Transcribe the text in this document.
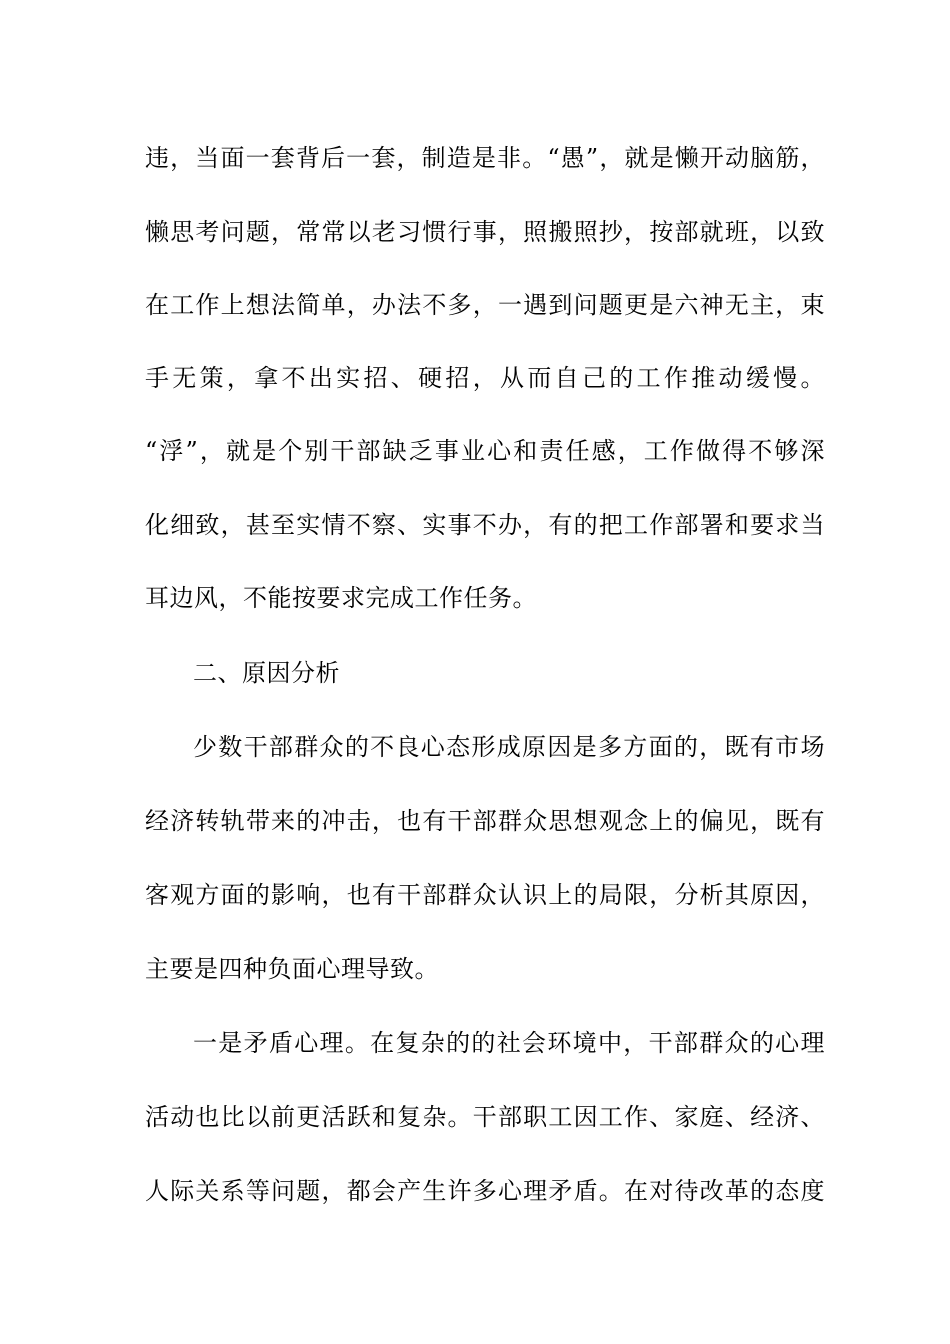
违，当面一套背后一套，制造是非。“愚”，就是懒开动脑筋，
懒思考问题，常常以老习惯行事，照搬照抄，按部就班，以致
在工作上想法简单，办法不多，一遇到问题更是六神无主，束
手无策，拿不出实招、硬招，从而自己的工作推动缓慢。
“浮”，就是个别干部缺乏事业心和责任感，工作做得不够深
化细致，甚至实情不察、实事不办，有的把工作部署和要求当
耳边风，不能按要求完成工作任务。
二、原因分析
少数干部群众的不良心态形成原因是多方面的，既有市场
经济转轨带来的冲击，也有干部群众思想观念上的偏见，既有
客观方面的影响，也有干部群众认识上的局限，分析其原因，
主要是四种负面心理导致。
一是矛盾心理。在复杂的的社会环境中，干部群众的心理
活动也比以前更活跃和复杂。干部职工因工作、家庭、经济、
人际关系等问题，都会产生许多心理矛盾。在对待改革的态度
